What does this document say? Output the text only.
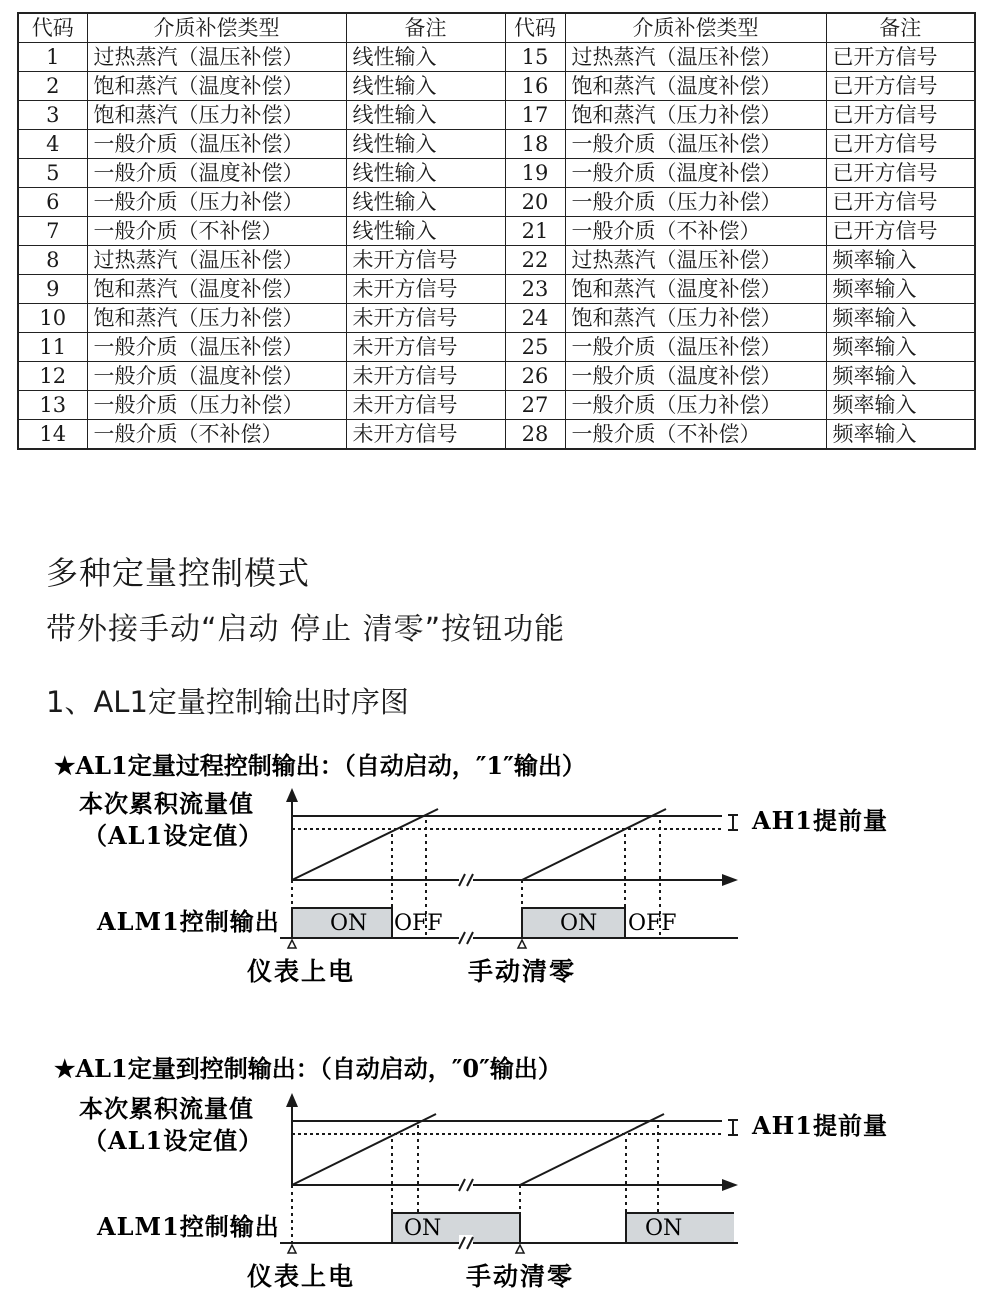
代码	介质补偿类型	备注	代码	介质补偿类型	备注
1	过热蒸汽（温压补偿）	线性输入	15	过热蒸汽（温压补偿）	已开方信号
2	饱和蒸汽（温度补偿）	线性输入	16	饱和蒸汽（温度补偿）	已开方信号
3	饱和蒸汽（压力补偿）	线性输入	17	饱和蒸汽（压力补偿）	已开方信号
4	一般介质（温压补偿）	线性输入	18	一般介质（温压补偿）	已开方信号
5	一般介质（温度补偿）	线性输入	19	一般介质（温度补偿）	已开方信号
6	一般介质（压力补偿）	线性输入	20	一般介质（压力补偿）	已开方信号
7	一般介质（不补偿）	线性输入	21	一般介质（不补偿）	已开方信号
8	过热蒸汽（温压补偿）	未开方信号	22	过热蒸汽（温压补偿）	频率输入
9	饱和蒸汽（温度补偿）	未开方信号	23	饱和蒸汽（温度补偿）	频率输入
10	饱和蒸汽（压力补偿）	未开方信号	24	饱和蒸汽（压力补偿）	频率输入
11	一般介质（温压补偿）	未开方信号	25	一般介质（温压补偿）	频率输入
12	一般介质（温度补偿）	未开方信号	26	一般介质（温度补偿）	频率输入
13	一般介质（压力补偿）	未开方信号	27	一般介质（压力补偿）	频率输入
14	一般介质（不补偿）	未开方信号	28	一般介质（不补偿）	频率输入
多种定量控制模式
带外接手动“启动 停止 清零”按钮功能
1、AL1定量控制输出时序图
★AL1定量过程控制输出：（自动启动，″1″输出）
本次累积流量值
（AL1设定值）
AH1提前量
ALM1控制输出 ON OFF	ON OFF
仪表上电	手动清零
★AL1定量到控制输出：（自动启动，″0″输出）
本次累积流量值
（AL1设定值）
AH1提前量
ALM1控制输出	ON	ON
仪表上电	手动清零
